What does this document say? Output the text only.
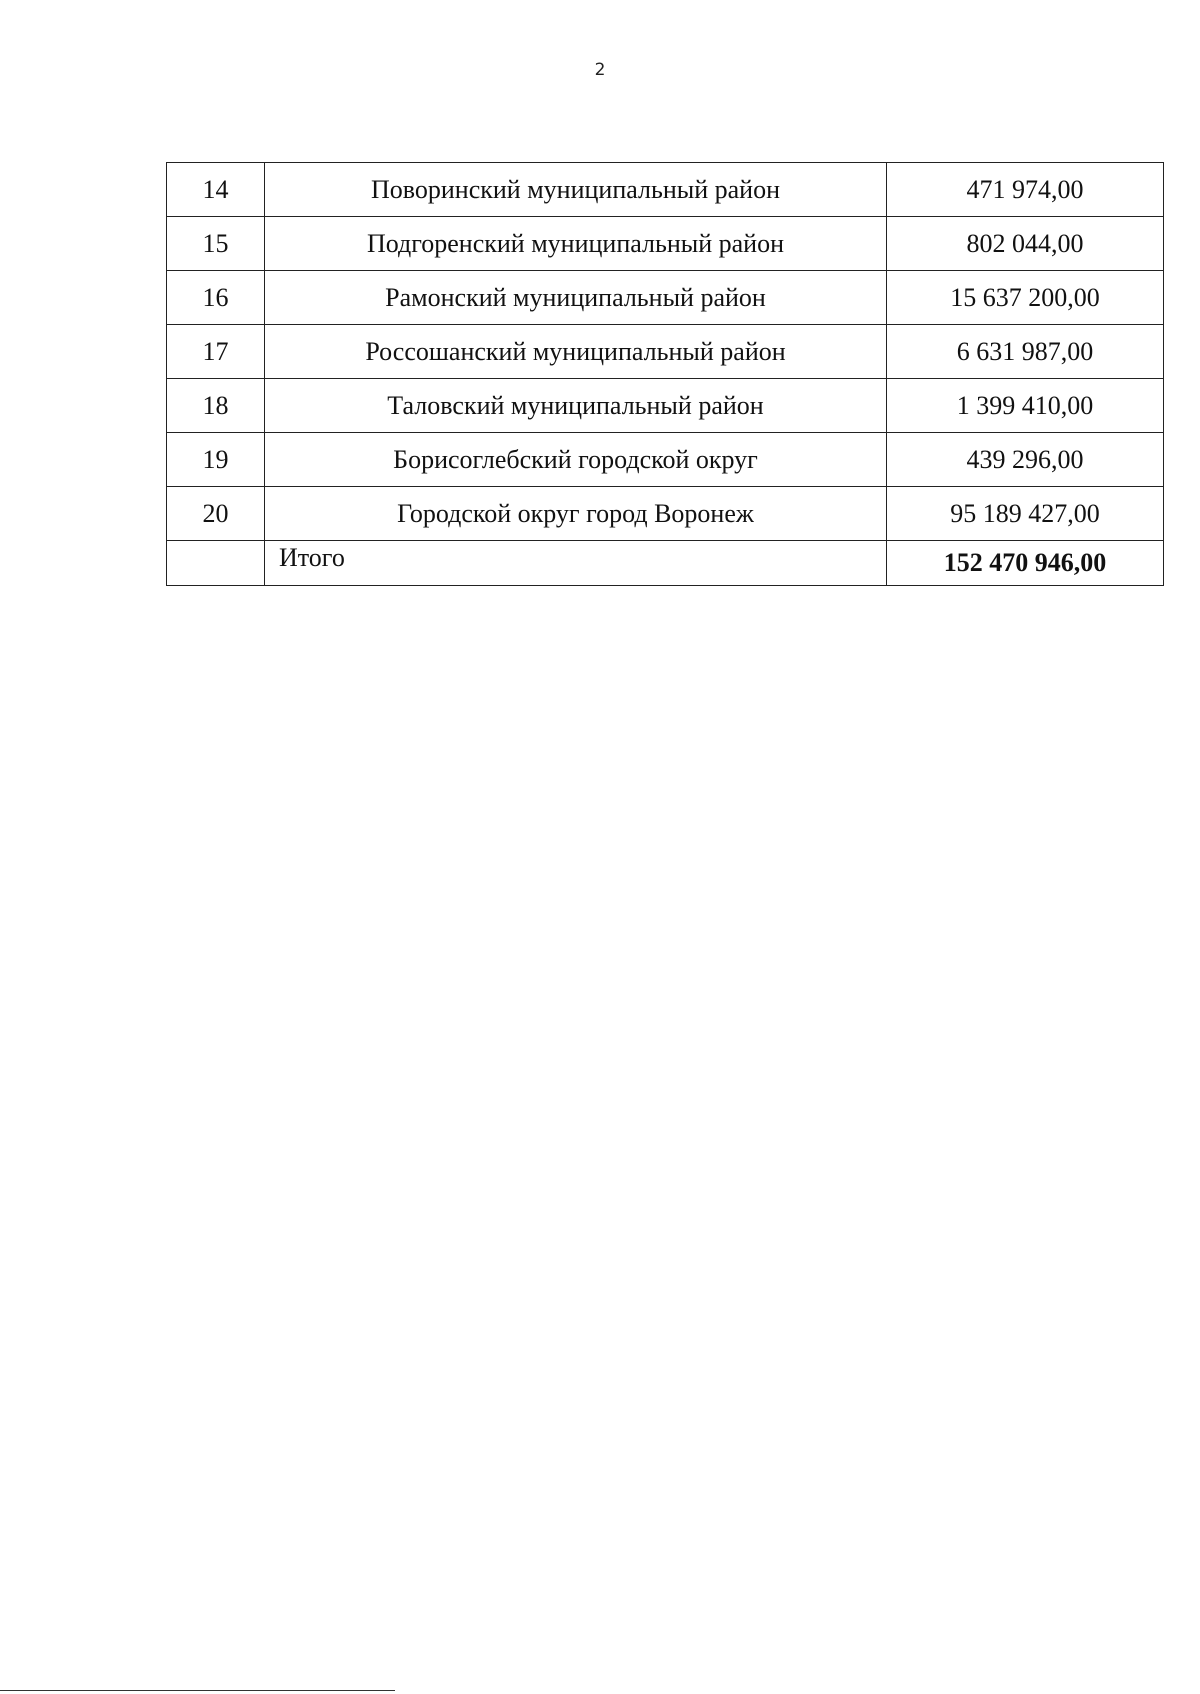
2
14	Поворинский муниципальный район	471 974,00
15	Подгоренский муниципальный район	802 044,00
16	Рамонский муниципальный район	15 637 200,00
17	Россошанский муниципальный район	6 631 987,00
18	Таловский муниципальный район	1 399 410,00
19	Борисоглебский городской округ	439 296,00
20	Городской округ город Воронеж	95 189 427,00
	Итого	152 470 946,00
